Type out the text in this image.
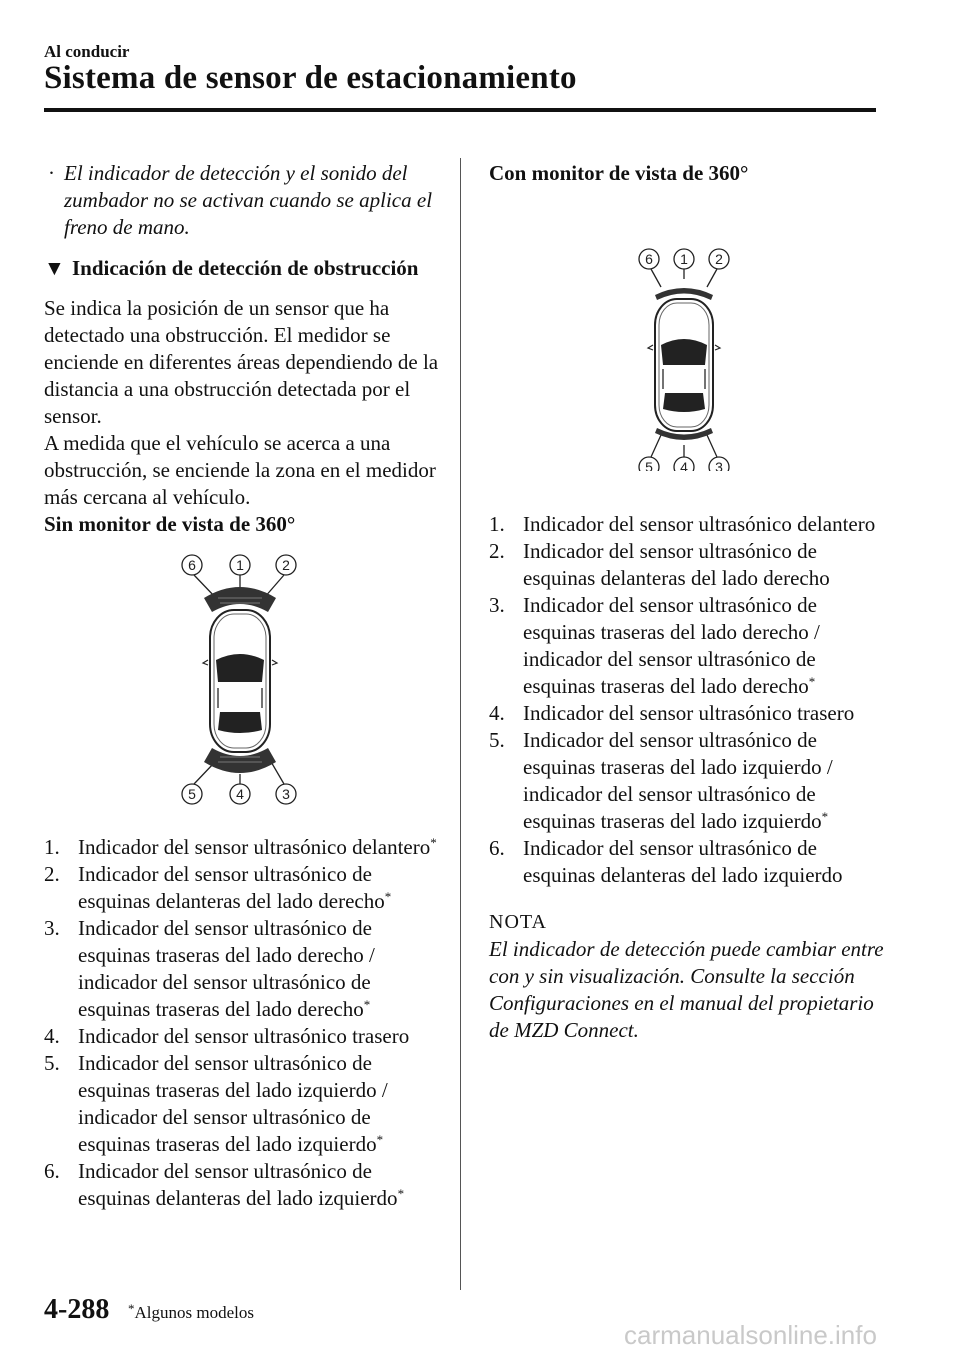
Al conducir
Sistema de sensor de estacionamiento
· El indicador de detección y el sonido del zumbador no se activan cuando se aplica el freno de mano.
▼ Indicación de detección de obstrucción

Se indica la posición de un sensor que ha detectado una obstrucción. El medidor se enciende en diferentes áreas dependiendo de la distancia a una obstrucción detectada por el sensor.

A medida que el vehículo se acerca a una obstrucción, se enciende la zona en el medidor más cercana al vehículo.

Sin monitor de vista de 360°

6	1	2
5	4	3
1. Indicador del sensor ultrasónico delantero*
2. Indicador del sensor ultrasónico de esquinas delanteras del lado derecho*
3. Indicador del sensor ultrasónico de esquinas traseras del lado derecho / indicador del sensor ultrasónico de esquinas traseras del lado derecho*
4. Indicador del sensor ultrasónico trasero
5. Indicador del sensor ultrasónico de esquinas traseras del lado izquierdo / indicador del sensor ultrasónico de esquinas traseras del lado izquierdo*
6. Indicador del sensor ultrasónico de esquinas delanteras del lado izquierdo*

Con monitor de vista de 360°

6 1 2
5 4 3
1. Indicador del sensor ultrasónico delantero
2. Indicador del sensor ultrasónico de esquinas delanteras del lado derecho
3. Indicador del sensor ultrasónico de esquinas traseras del lado derecho / indicador del sensor ultrasónico de esquinas traseras del lado derecho*
4. Indicador del sensor ultrasónico trasero
5. Indicador del sensor ultrasónico de esquinas traseras del lado izquierdo / indicador del sensor ultrasónico de esquinas traseras del lado izquierdo*
6. Indicador del sensor ultrasónico de esquinas delanteras del lado izquierdo

NOTA

El indicador de detección puede cambiar entre con y sin visualización. Consulte la sección Configuraciones en el manual del propietario de MZD Connect.

4-288 *Algunos modelos
carmanualsonline.info
